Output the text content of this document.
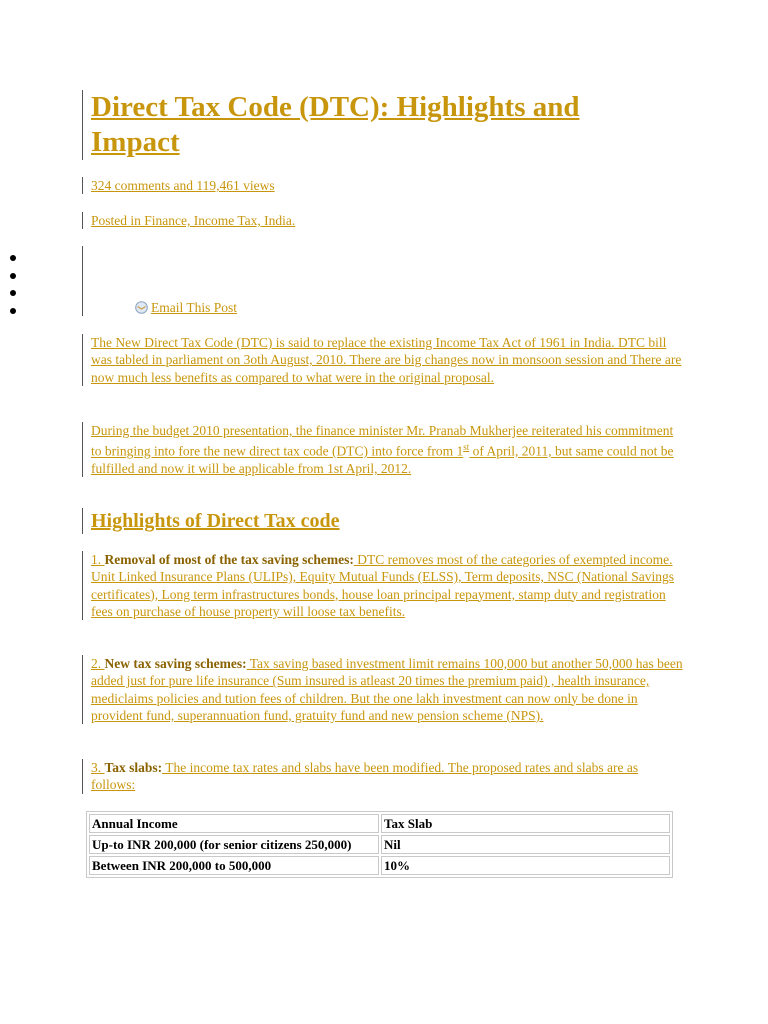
Direct Tax Code (DTC): Highlights and Impact
324 comments and 119,461 views
Posted in Finance, Income Tax, India.
Email This Post
The New Direct Tax Code (DTC) is said to replace the existing Income Tax Act of 1961 in India. DTC bill was tabled in parliament on 3oth August, 2010. There are big changes now in monsoon session and There are now much less benefits as compared to what were in the original proposal.
During the budget 2010 presentation, the finance minister Mr. Pranab Mukherjee reiterated his commitment to bringing into fore the new direct tax code (DTC) into force from 1st of April, 2011, but same could not be fulfilled and now it will be applicable from 1st April, 2012.
Highlights of Direct Tax code
1. Removal of most of the tax saving schemes: DTC removes most of the categories of exempted income. Unit Linked Insurance Plans (ULIPs), Equity Mutual Funds (ELSS), Term deposits, NSC (National Savings certificates), Long term infrastructures bonds, house loan principal repayment, stamp duty and registration fees on purchase of house property will loose tax benefits.
2. New tax saving schemes: Tax saving based investment limit remains 100,000 but another 50,000 has been added just for pure life insurance (Sum insured is atleast 20 times the premium paid) , health insurance, mediclaims policies and tution fees of children. But the one lakh investment can now only be done in provident fund, superannuation fund, gratuity fund and new pension scheme (NPS).
3. Tax slabs: The income tax rates and slabs have been modified. The proposed rates and slabs are as follows:
Annual Income	Tax Slab
Up-to INR 200,000 (for senior citizens 250,000)	Nil
Between INR 200,000 to 500,000	10%
